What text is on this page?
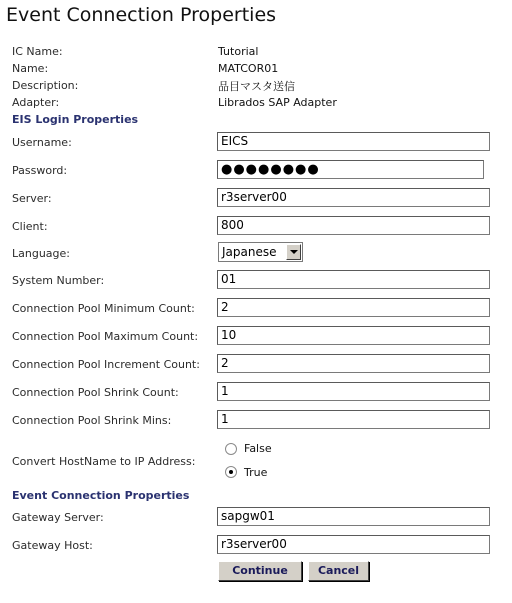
Event Connection Properties
IC Name:	Tutorial
Name:	MATCOR01
Description:	品目マスタ送信
Adapter:	Librados SAP Adapter
EIS Login Properties
Username:	EICS
Password:	●●●●●●●●
Server:	r3server00
Client:	800
Language:	Japanese
System Number:	01
Connection Pool Minimum Count:	2
Connection Pool Maximum Count:	10
Connection Pool Increment Count:	2
Connection Pool Shrink Count:	1
Connection Pool Shrink Mins:	1
Convert HostName to IP Address:
False
True
Event Connection Properties
Gateway Server:	sapgw01
Gateway Host:	r3server00
Continue	Cancel
